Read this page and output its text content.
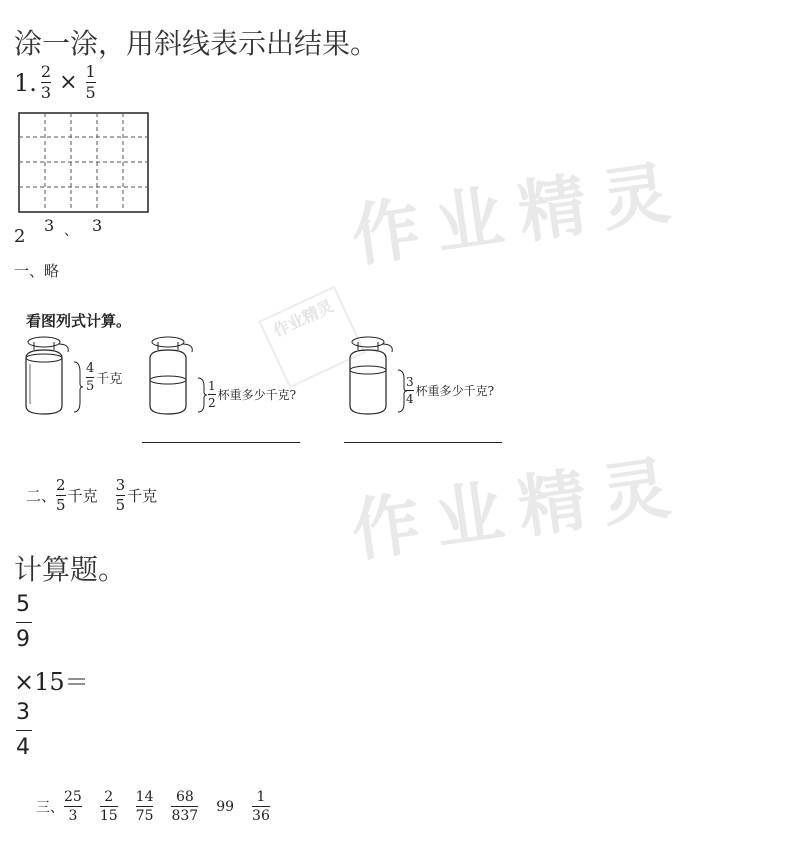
作业精灵
作业精灵
作业精灵
涂一涂，用斜线表示出结果。
1. $\frac{2}{3} \times \frac{1}{5}$
2
3 、 3
一、略
看图列式计算。
$\frac{4}{5}$ 千克
$\frac{1}{2}$ 杯重多少千克?	$\frac{3}{4}$ 杯重多少千克?
二、 $\frac{2}{5}$ 千克 $\frac{3}{5}$ 千克
计算题。
$\frac{5}{9}$
×15＝
$\frac{3}{4}$
三、 $\frac{25}{3} \frac{2}{15} \frac{14}{75} \frac{68}{837} 99 \frac{1}{36}$
